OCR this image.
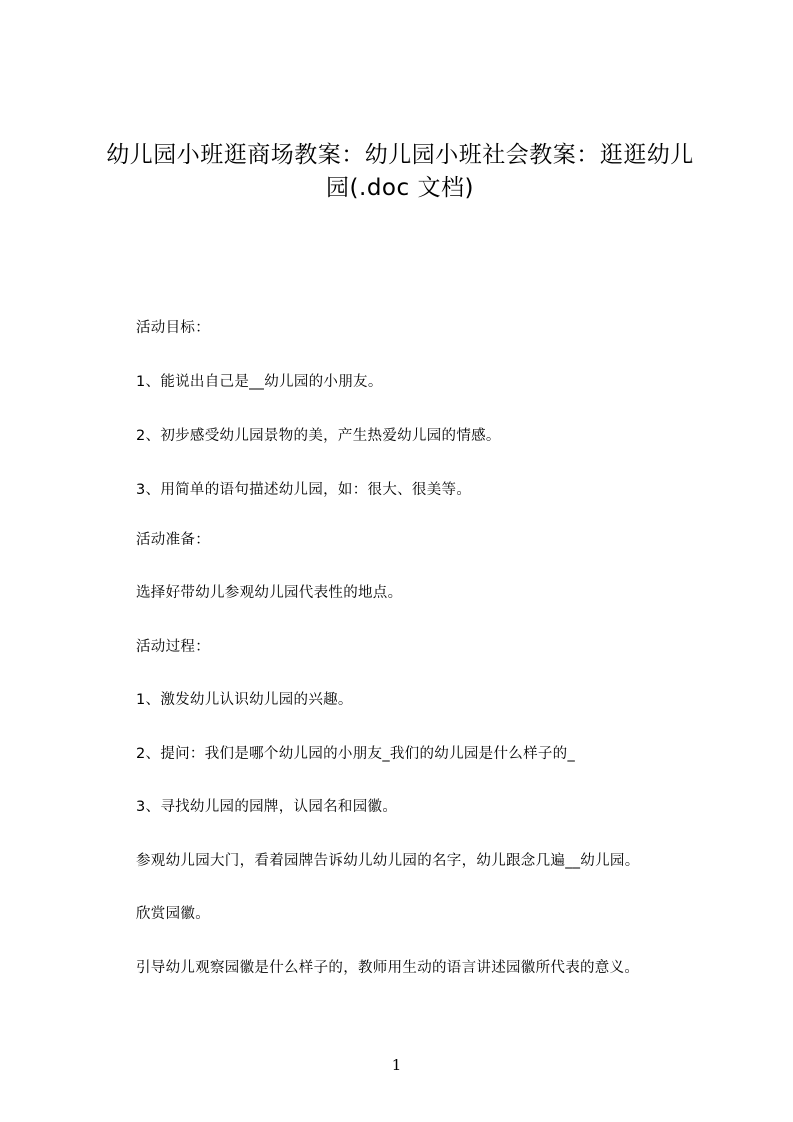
幼儿园小班逛商场教案：幼儿园小班社会教案：逛逛幼儿
园(.doc 文档)

活动目标：

1、能说出自己是__幼儿园的小朋友。

2、初步感受幼儿园景物的美，产生热爱幼儿园的情感。

3、用简单的语句描述幼儿园，如：很大、很美等。

活动准备：

选择好带幼儿参观幼儿园代表性的地点。

活动过程：

1、激发幼儿认识幼儿园的兴趣。

2、提问：我们是哪个幼儿园的小朋友_我们的幼儿园是什么样子的_

3、寻找幼儿园的园牌，认园名和园徽。

参观幼儿园大门，看着园牌告诉幼儿幼儿园的名字，幼儿跟念几遍__幼儿园。

欣赏园徽。

引导幼儿观察园徽是什么样子的，教师用生动的语言讲述园徽所代表的意义。

1
